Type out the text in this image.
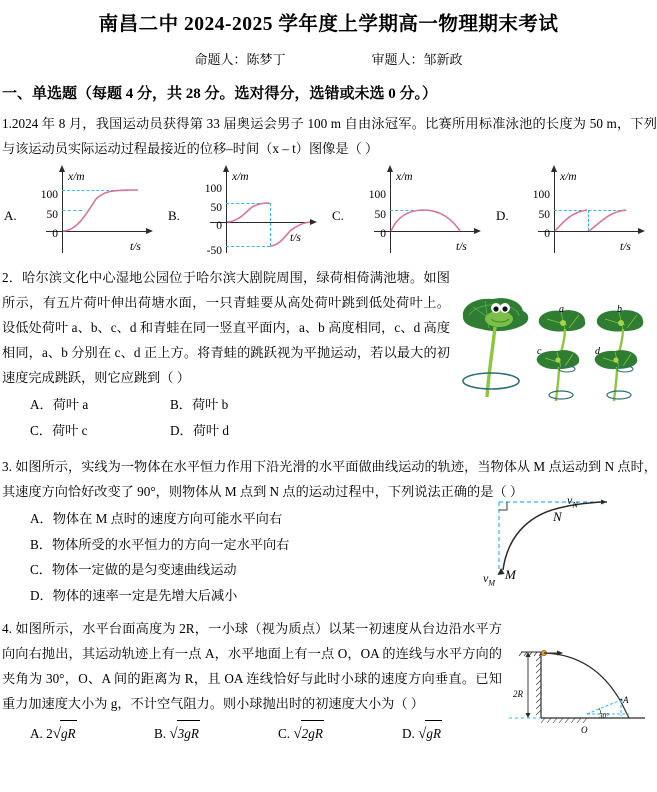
南昌二中 2024-2025 学年度上学期高一物理期末考试
命题人：陈梦丁	审题人：邹新政
一、单选题（每题 4 分，共 28 分。选对得分，选错或未选 0 分。）
1.2024 年 8 月，我国运动员获得第 33 届奥运会男子 100 m 自由泳冠军。比赛所用标准泳池的长度为 50 m，下列与该运动员实际运动过程最接近的位移–时间（x – t）图像是（ ）
A.
x/m
t/s
100
50
0
B.
x/m
t/s
100
50
0
-50
C.
x/m
t/s
100
50
0
D.
x/m
t/s
100
50
0
2．哈尔滨文化中心湿地公园位于哈尔滨大剧院周围，绿荷相倚满池塘。如图所示，有五片荷叶伸出荷塘水面，一只青蛙要从高处荷叶跳到低处荷叶上。设低处荷叶 a、b、c、d 和青蛙在同一竖直平面内，a、b 高度相同，c、d 高度相同，a、b 分别在 c、d 正上方。将青蛙的跳跃视为平抛运动，若以最大的初速度完成跳跃，则它应跳到（ ）
a	b
c	d
A．荷叶 a	B．荷叶 b
C．荷叶 c	D．荷叶 d
3. 如图所示，实线为一物体在水平恒力作用下沿光滑的水平面做曲线运动的轨迹，当物体从 M 点运动到 N 点时，其速度方向恰好改变了 90°，则物体从 M 点到 N 点的运动过程中，下列说法正确的是（ ）
$v_N$
N
$v_M$
M
A．物体在 M 点时的速度方向可能水平向右
B．物体所受的水平恒力的方向一定水平向右
C．物体一定做的是匀变速曲线运动
D．物体的速率一定是先增大后减小
4. 如图所示，水平台面高度为 2R，一小球（视为质点）以某一初速度从台边沿水平方向向右抛出，其运动轨迹上有一点 A，水平地面上有一点 O，OA 的连线与水平方向的夹角为 30°，O、A 间的距离为 R，且 OA 连线恰好与此时小球的速度方向垂直。已知重力加速度大小为 g，不计空气阻力。则小球抛出时的初速度大小为（ ）
2R
30°
O
A
A. 2√gR	B. √3gR	C. √2gR	D. √gR
